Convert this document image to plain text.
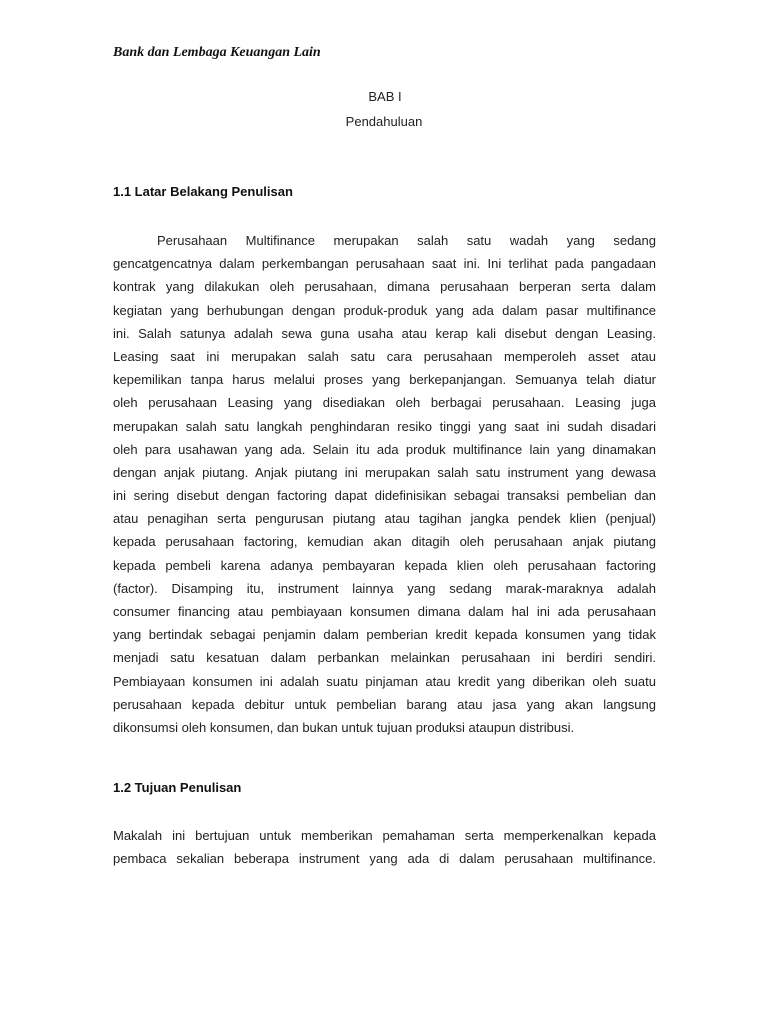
Bank dan Lembaga Keuangan Lain
BAB I
Pendahuluan
1.1 Latar Belakang Penulisan
Perusahaan Multifinance merupakan salah satu wadah yang sedang
gencatgencatnya dalam perkembangan perusahaan saat ini. Ini terlihat pada pangadaan
kontrak yang dilakukan oleh perusahaan, dimana perusahaan berperan serta dalam
kegiatan yang berhubungan dengan produk-produk yang ada dalam pasar multifinance
ini. Salah satunya adalah sewa guna usaha atau kerap kali disebut dengan Leasing.
Leasing saat ini merupakan salah satu cara perusahaan memperoleh asset atau
kepemilikan tanpa harus melalui proses yang berkepanjangan. Semuanya telah diatur
oleh perusahaan Leasing yang disediakan oleh berbagai perusahaan. Leasing juga
merupakan salah satu langkah penghindaran resiko tinggi yang saat ini sudah disadari
oleh para usahawan yang ada. Selain itu ada produk multifinance lain yang dinamakan
dengan anjak piutang. Anjak piutang ini merupakan salah satu instrument yang dewasa
ini sering disebut dengan factoring dapat didefinisikan sebagai transaksi pembelian dan
atau penagihan serta pengurusan piutang atau tagihan jangka pendek klien (penjual)
kepada perusahaan factoring, kemudian akan ditagih oleh perusahaan anjak piutang
kepada pembeli karena adanya pembayaran kepada klien oleh perusahaan factoring
(factor). Disamping itu, instrument lainnya yang sedang marak-maraknya adalah
consumer financing atau pembiayaan konsumen dimana dalam hal ini ada perusahaan
yang bertindak sebagai penjamin dalam pemberian kredit kepada konsumen yang tidak
menjadi satu kesatuan dalam perbankan melainkan perusahaan ini berdiri sendiri.
Pembiayaan konsumen ini adalah suatu pinjaman atau kredit yang diberikan oleh suatu
perusahaan kepada debitur untuk pembelian barang atau jasa yang akan langsung
dikonsumsi oleh konsumen, dan bukan untuk tujuan produksi ataupun distribusi.
1.2 Tujuan Penulisan
Makalah ini bertujuan untuk memberikan pemahaman serta memperkenalkan kepada
pembaca sekalian beberapa instrument yang ada di dalam perusahaan multifinance.
